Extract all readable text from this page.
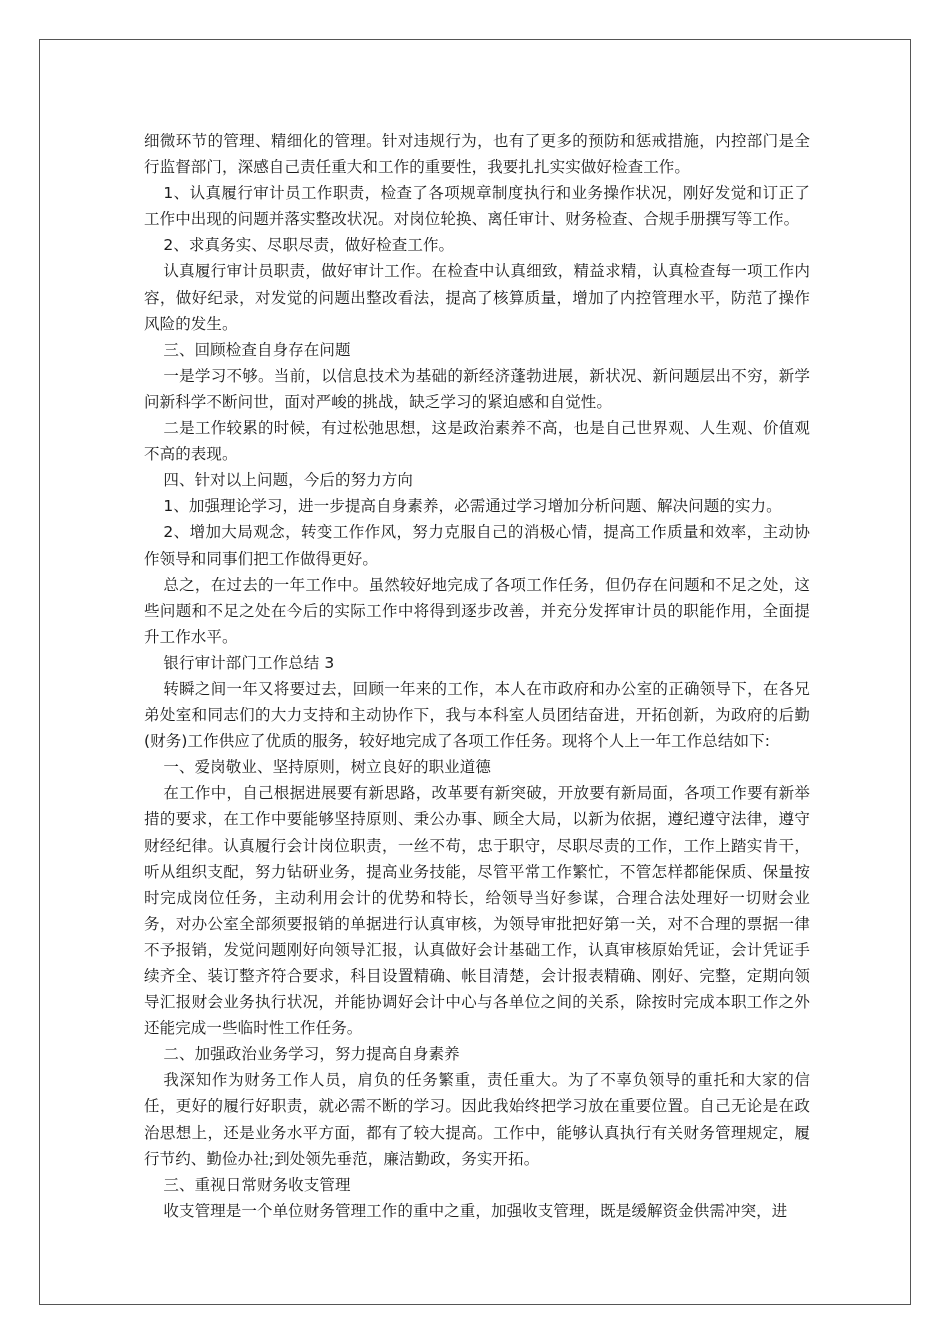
细微环节的管理、精细化的管理。针对违规行为，也有了更多的预防和惩戒措施，内控部门是全行监督部门，深感自己责任重大和工作的重要性，我要扎扎实实做好检查工作。

1、认真履行审计员工作职责，检查了各项规章制度执行和业务操作状况，刚好发觉和订正了工作中出现的问题并落实整改状况。对岗位轮换、离任审计、财务检查、合规手册撰写等工作。

2、求真务实、尽职尽责，做好检查工作。

认真履行审计员职责，做好审计工作。在检查中认真细致，精益求精，认真检查每一项工作内容，做好纪录，对发觉的问题出整改看法，提高了核算质量，增加了内控管理水平，防范了操作风险的发生。

三、回顾检查自身存在问题

一是学习不够。当前，以信息技术为基础的新经济蓬勃进展，新状况、新问题层出不穷，新学问新科学不断问世，面对严峻的挑战，缺乏学习的紧迫感和自觉性。

二是工作较累的时候，有过松弛思想，这是政治素养不高，也是自己世界观、人生观、价值观不高的表现。

四、针对以上问题，今后的努力方向

1、加强理论学习，进一步提高自身素养，必需通过学习增加分析问题、解决问题的实力。

2、增加大局观念，转变工作作风，努力克服自己的消极心情，提高工作质量和效率，主动协作领导和同事们把工作做得更好。

总之，在过去的一年工作中。虽然较好地完成了各项工作任务，但仍存在问题和不足之处，这些问题和不足之处在今后的实际工作中将得到逐步改善，并充分发挥审计员的职能作用，全面提升工作水平。

银行审计部门工作总结 3

转瞬之间一年又将要过去，回顾一年来的工作，本人在市政府和办公室的正确领导下，在各兄弟处室和同志们的大力支持和主动协作下，我与本科室人员团结奋进，开拓创新，为政府的后勤(财务)工作供应了优质的服务，较好地完成了各项工作任务。现将个人上一年工作总结如下:

一、爱岗敬业、坚持原则，树立良好的职业道德

在工作中，自己根据进展要有新思路，改革要有新突破，开放要有新局面，各项工作要有新举措的要求，在工作中要能够坚持原则、秉公办事、顾全大局，以新为依据，遵纪遵守法律，遵守财经纪律。认真履行会计岗位职责，一丝不苟，忠于职守，尽职尽责的工作，工作上踏实肯干，听从组织支配，努力钻研业务，提高业务技能，尽管平常工作繁忙，不管怎样都能保质、保量按时完成岗位任务，主动利用会计的优势和特长，给领导当好参谋，合理合法处理好一切财会业务，对办公室全部须要报销的单据进行认真审核，为领导审批把好第一关，对不合理的票据一律不予报销，发觉问题刚好向领导汇报，认真做好会计基础工作，认真审核原始凭证，会计凭证手续齐全、装订整齐符合要求，科目设置精确、帐目清楚，会计报表精确、刚好、完整，定期向领导汇报财会业务执行状况，并能协调好会计中心与各单位之间的关系，除按时完成本职工作之外还能完成一些临时性工作任务。

二、加强政治业务学习，努力提高自身素养

我深知作为财务工作人员，肩负的任务繁重，责任重大。为了不辜负领导的重托和大家的信任，更好的履行好职责，就必需不断的学习。因此我始终把学习放在重要位置。自己无论是在政治思想上，还是业务水平方面，都有了较大提高。工作中，能够认真执行有关财务管理规定，履行节约、勤俭办社;到处领先垂范，廉洁勤政，务实开拓。

三、重视日常财务收支管理

收支管理是一个单位财务管理工作的重中之重，加强收支管理，既是缓解资金供需冲突，进
